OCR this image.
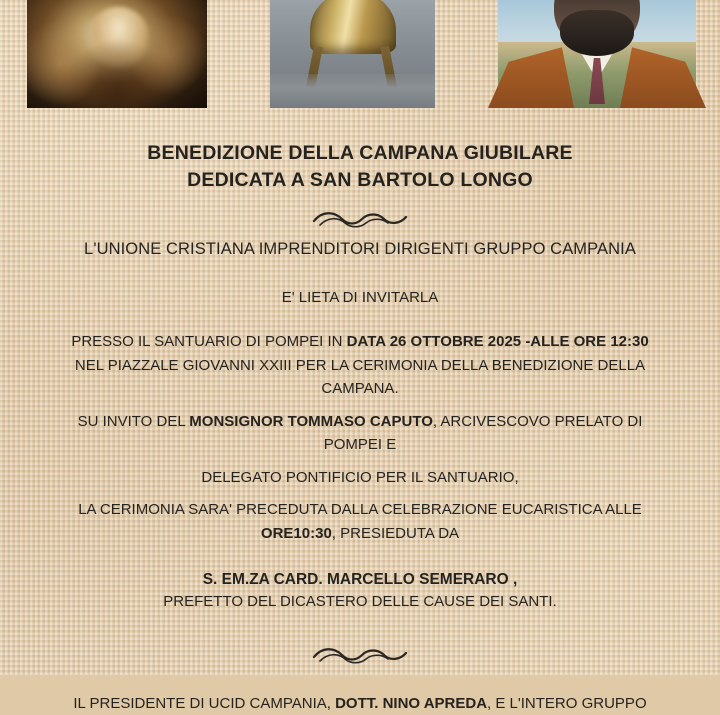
BENEDIZIONE DELLA CAMPANA GIUBILARE
DEDICATA A SAN BARTOLO LONGO
L'UNIONE CRISTIANA IMPRENDITORI DIRIGENTI GRUPPO CAMPANIA
E' LIETA DI INVITARLA

PRESSO IL SANTUARIO DI POMPEI IN DATA 26 OTTOBRE 2025 -ALLE ORE 12:30

NEL PIAZZALE GIOVANNI XXIII PER LA CERIMONIA DELLA BENEDIZIONE DELLA

CAMPANA.

SU INVITO DEL MONSIGNOR TOMMASO CAPUTO, ARCIVESCOVO PRELATO DI

POMPEI E

DELEGATO PONTIFICIO PER IL SANTUARIO,

LA CERIMONIA SARA' PRECEDUTA DALLA CELEBRAZIONE EUCARISTICA ALLE

ORE10:30, PRESIEDUTA DA

S. EM.ZA CARD. MARCELLO SEMERARO ,
PREFETTO DEL DICASTERO DELLE CAUSE DEI SANTI.
IL PRESIDENTE DI UCID CAMPANIA, DOTT. NINO APREDA, E L'INTERO GRUPPO
